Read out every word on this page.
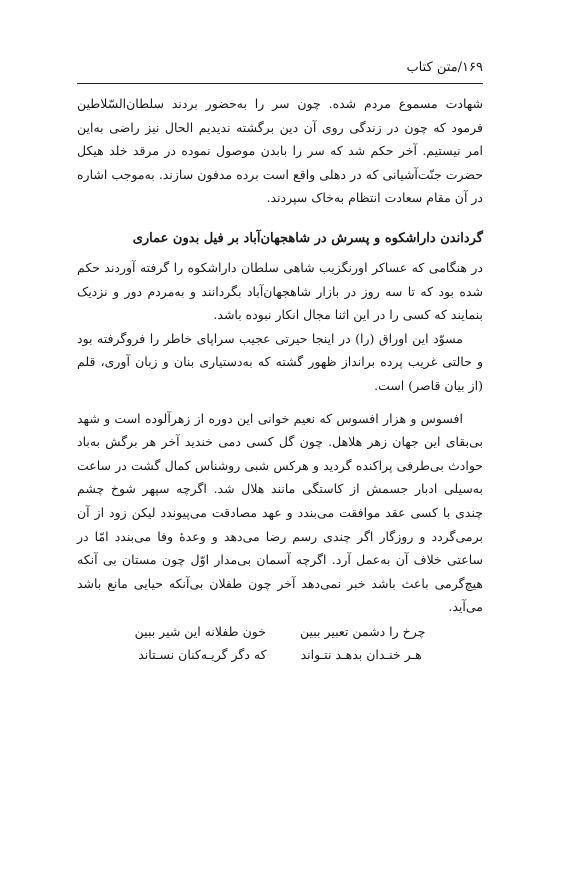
۱۶۹/متن کتاب

شهادت مسموع مردم شده. چون سر را به‌حضور بردند سلطان‌السّلاطین فرمود که چون در زندگی روی آن دین برگشته ندیدیم الحال نیز راضی به‌این امر نیستیم. آخر حکم شد که سر را بابدن موصول نموده در مرقد خلد هیکل حضرت جنّت‌آشیانی که در دهلی واقع است برده مدفون سازند. به‌موجب اشاره در آن مقام سعادت انتظام به‌خاک سپردند.

گرداندن داراشکوه و پسرش در شاهجهان‌آباد بر فیل بدون عماری

در هنگامی که عساکر اورنگزیب شاهی سلطان داراشکوه را گرفته آوردند حکم شده بود که تا سه روز در بازار شاهجهان‌آباد بگردانند و به‌مردم دور و نزدیک بنمایند که کسی را در این اثنا مجال انکار نبوده باشد.

مسوّد این اوراق (را) در اینجا حیرتی عجیب سراپای خاطر را فروگرفته بود و حالتی غریب پرده برانداز ظهور گشته که به‌دستیاری بنان و زبان آوری، قلم (از بیان قاصر) است.

افسوس و هزار افسوس که نعیم خوانی این دوره از زهرآلوده است و شهد بی‌بقای این جهان زهر هلاهل. چون گل کسی دمی خندید آخر هر برگش به‌باد حوادث بی‌طرفی پراکنده گردید و هرکس شبی روشناس کمال گشت در ساعت به‌سیلی ادبار جسمش از کاستگی مانند هلال شد. اگرچه سپهر شوخ چشم چندی با کسی عقد موافقت می‌بندد و عهد مصادقت می‌پیوندد لیکن زود از آن برمی‌گردد و روزگار اگر چندی رسم رضا می‌دهد و وعدهٔ وفا می‌بندد امّا در ساعتی خلاف آن به‌عمل آرد. اگرچه آسمان بی‌مدار اوّل چون مستان بی آنکه هیچ‌گرمی باعث باشد خبر نمی‌دهد آخر چون طفلان بی‌آنکه حیایی مانع باشد می‌آید.

چرخ را دشمن تعبیر ببین
خون طفلانه این شیر ببین
هـر خنـدان بدهـد نتـواند
که دگر گریـه‌کنان نسـتاند
